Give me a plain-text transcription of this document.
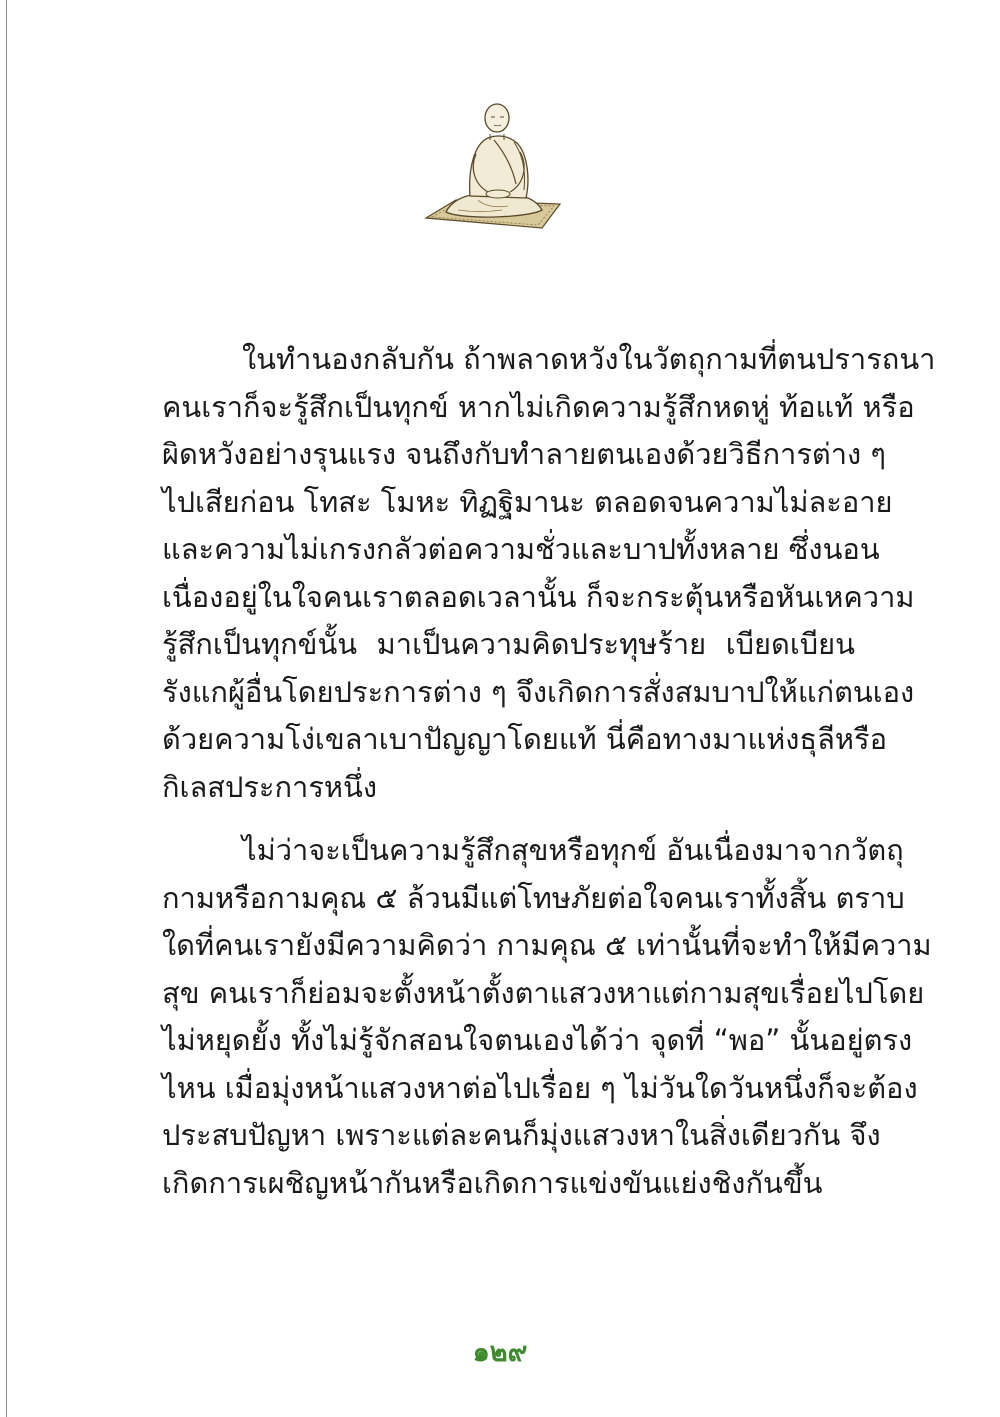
ในทำนองกลับกัน ถ้าพลาดหวังในวัตถุกามที่ตนปรารถนา
คนเราก็จะรู้สึกเป็นทุกข์ หากไม่เกิดความรู้สึกหดหู่ ท้อแท้ หรือ
ผิดหวังอย่างรุนแรง จนถึงกับทำลายตนเองด้วยวิธีการต่าง ๆ
ไปเสียก่อน โทสะ โมหะ ทิฏฐิมานะ ตลอดจนความไม่ละอาย
และความไม่เกรงกลัวต่อความชั่วและบาปทั้งหลาย ซึ่งนอน
เนื่องอยู่ในใจคนเราตลอดเวลานั้น ก็จะกระตุ้นหรือหันเหความ
รู้สึกเป็นทุกข์นั้น มาเป็นความคิดประทุษร้าย เบียดเบียน
รังแกผู้อื่นโดยประการต่าง ๆ จึงเกิดการสั่งสมบาปให้แก่ตนเอง
ด้วยความโง่เขลาเบาปัญญาโดยแท้ นี่คือทางมาแห่งธุลีหรือ
กิเลสประการหนึ่ง
ไม่ว่าจะเป็นความรู้สึกสุขหรือทุกข์ อันเนื่องมาจากวัตถุ
กามหรือกามคุณ ๕ ล้วนมีแต่โทษภัยต่อใจคนเราทั้งสิ้น ตราบ
ใดที่คนเรายังมีความคิดว่า กามคุณ ๕ เท่านั้นที่จะทำให้มีความ
สุข คนเราก็ย่อมจะตั้งหน้าตั้งตาแสวงหาแต่กามสุขเรื่อยไปโดย
ไม่หยุดยั้ง ทั้งไม่รู้จักสอนใจตนเองได้ว่า จุดที่ “พอ” นั้นอยู่ตรง
ไหน เมื่อมุ่งหน้าแสวงหาต่อไปเรื่อย ๆ ไม่วันใดวันหนึ่งก็จะต้อง
ประสบปัญหา เพราะแต่ละคนก็มุ่งแสวงหาในสิ่งเดียวกัน จึง
เกิดการเผชิญหน้ากันหรือเกิดการแข่งขันแย่งชิงกันขึ้น
๑๒๙
